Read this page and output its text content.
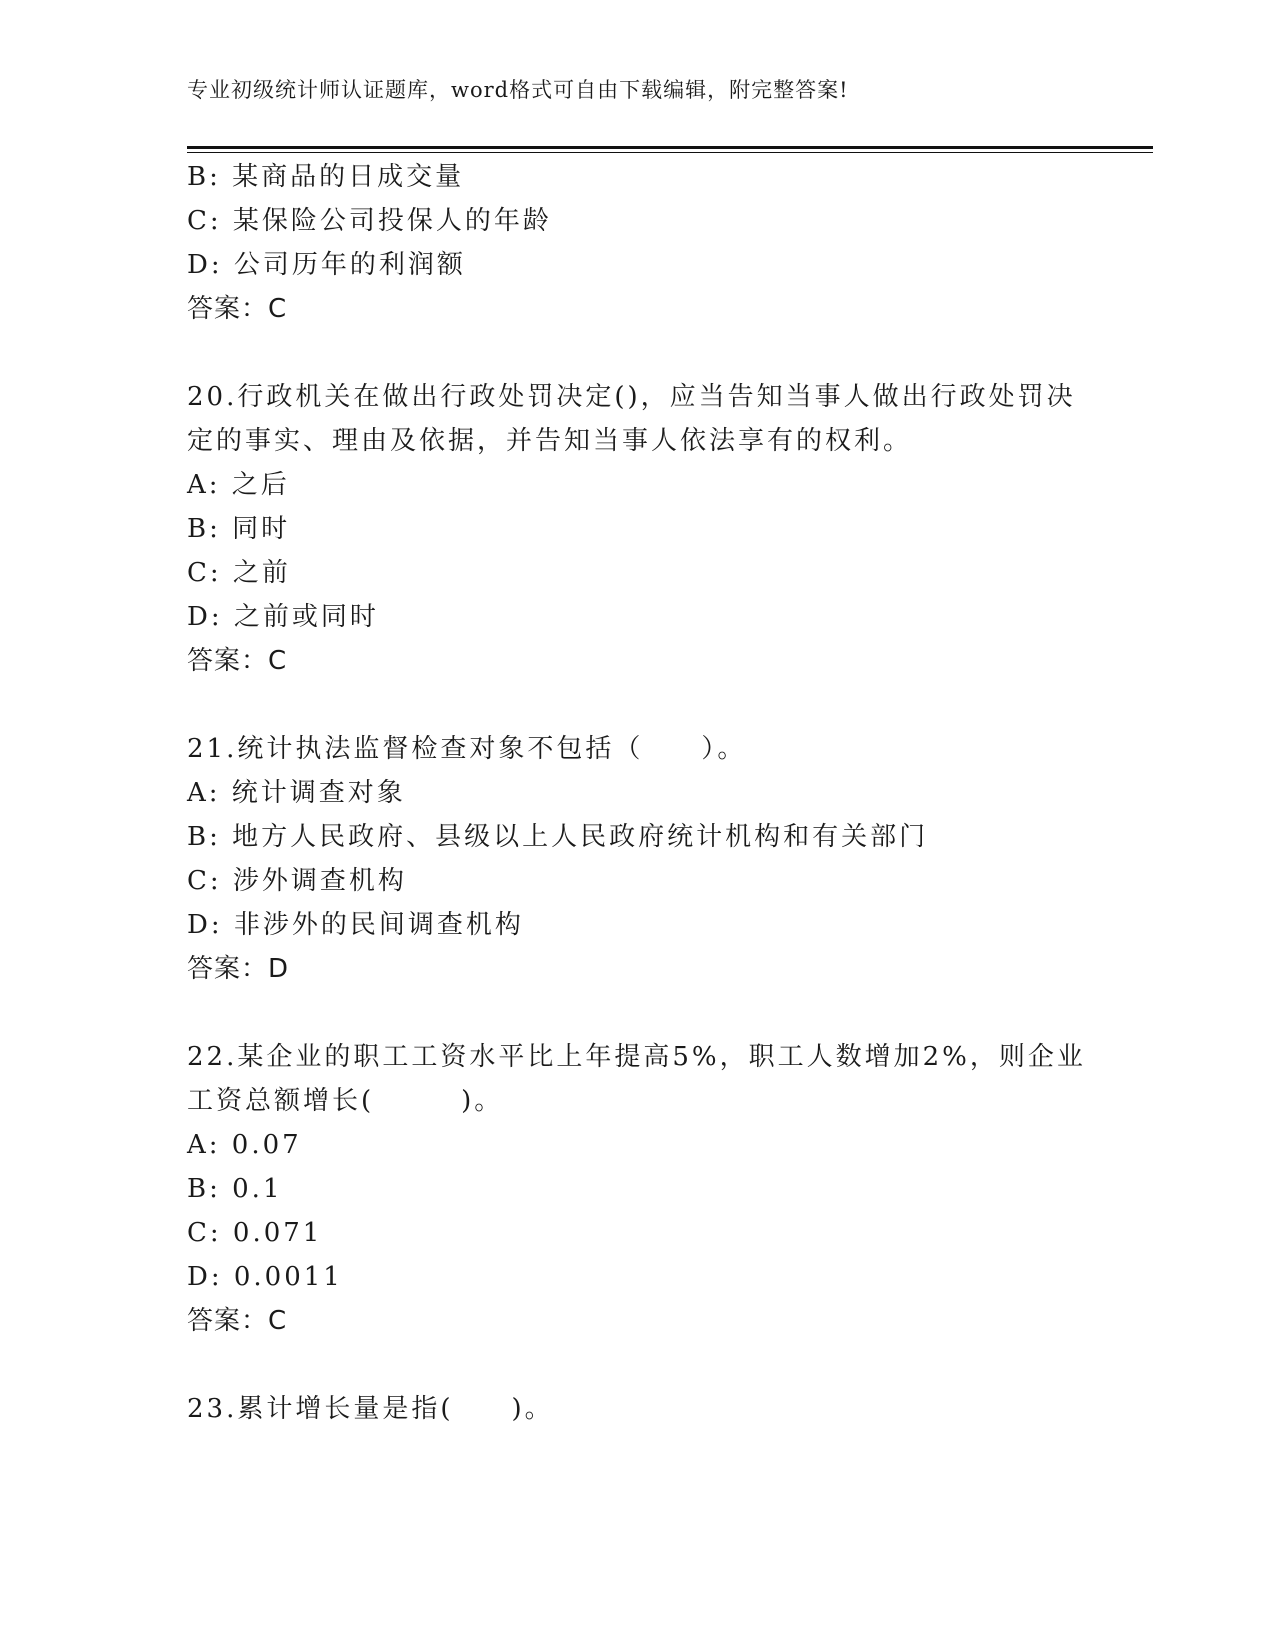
专业初级统计师认证题库，word格式可自由下载编辑，附完整答案!
B: 某商品的日成交量
C: 某保险公司投保人的年龄
D: 公司历年的利润额
答案：C
20.行政机关在做出行政处罚决定()，应当告知当事人做出行政处罚决
定的事实、理由及依据，并告知当事人依法享有的权利。
A: 之后
B: 同时
C: 之前
D: 之前或同时
答案：C
21.统计执法监督检查对象不包括（　　）。
A: 统计调查对象
B: 地方人民政府、县级以上人民政府统计机构和有关部门
C: 涉外调查机构
D: 非涉外的民间调查机构
答案：D
22.某企业的职工工资水平比上年提高5%，职工人数增加2%，则企业
工资总额增长(　　　)。
A: 0.07
B: 0.1
C: 0.071
D: 0.0011
答案：C
23.累计增长量是指(　　)。
